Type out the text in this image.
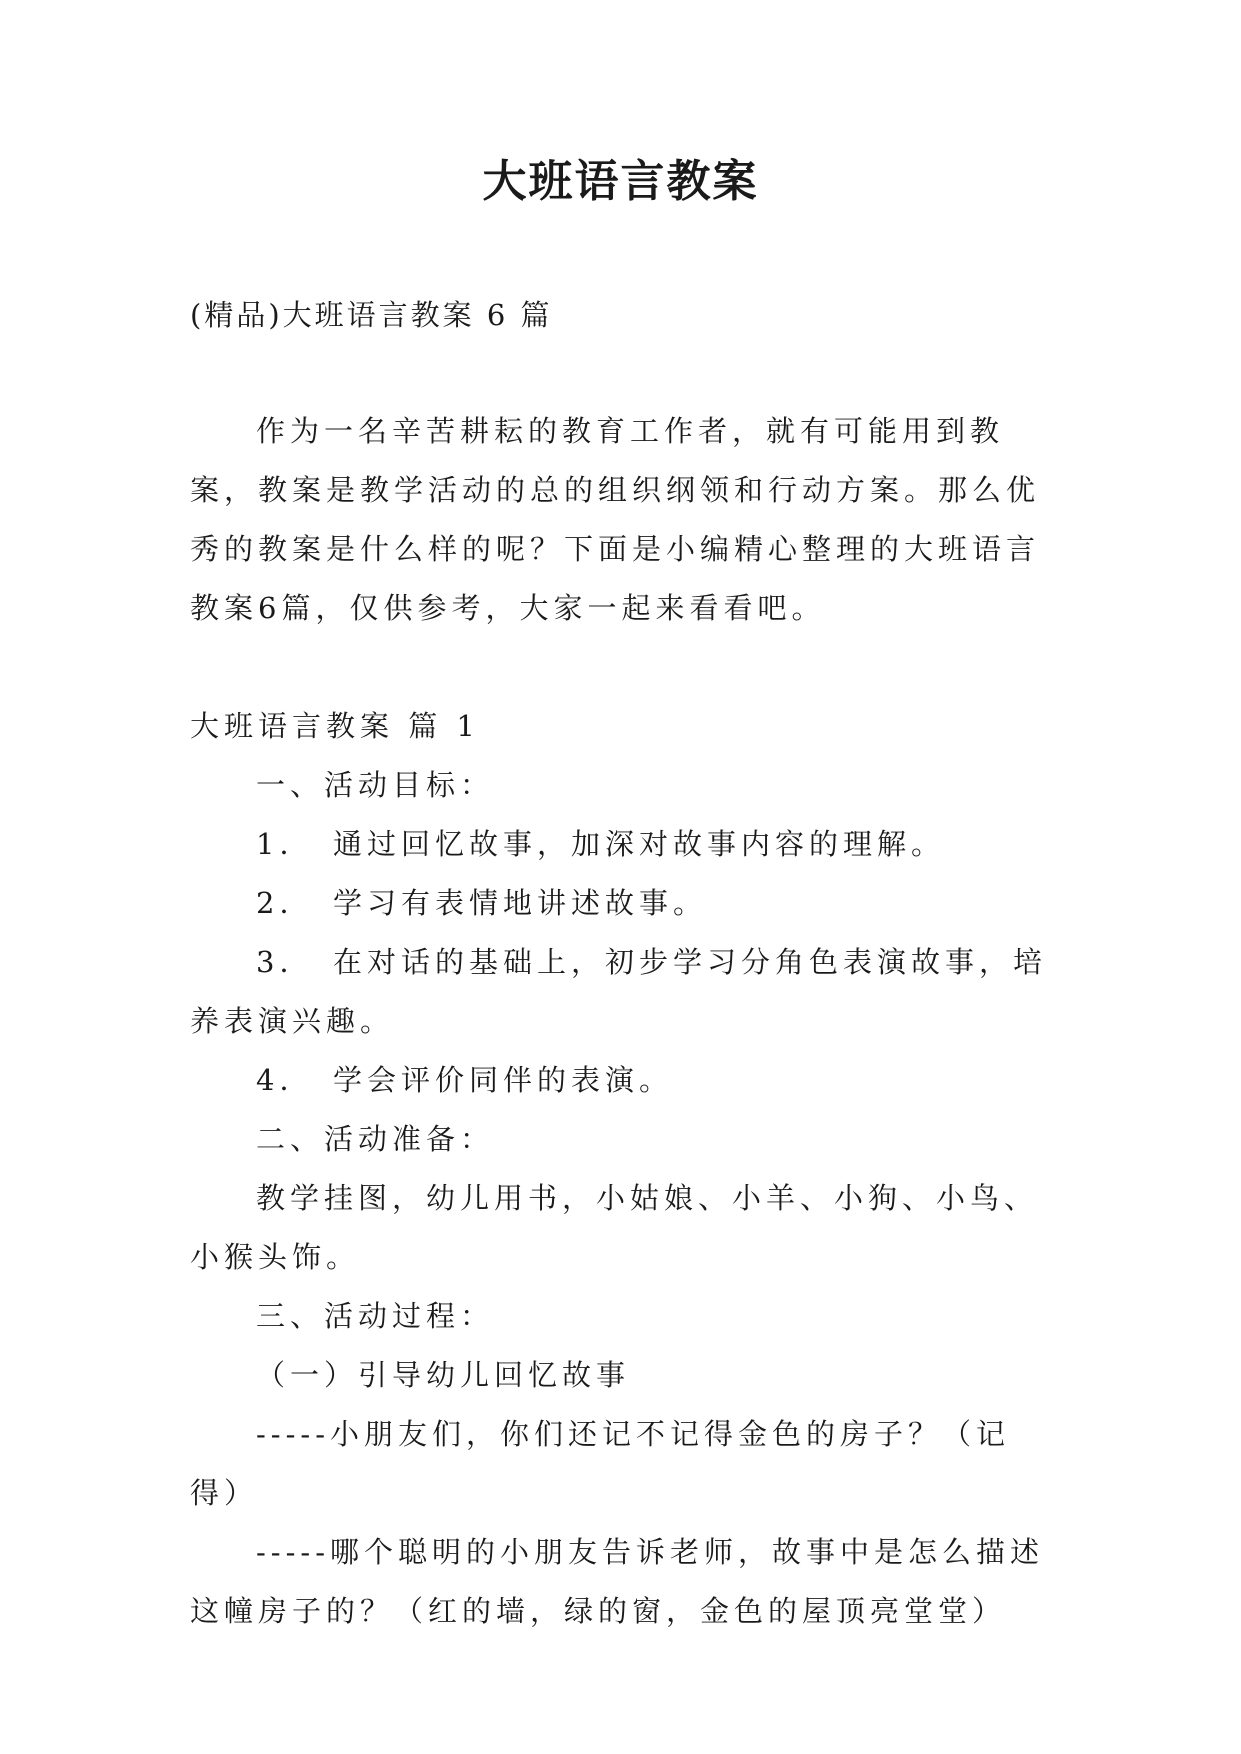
大班语言教案
(精品)大班语言教案 6 篇

作为一名辛苦耕耘的教育工作者，就有可能用到教案，教案是教学活动的总的组织纲领和行动方案。那么优秀的教案是什么样的呢？下面是小编精心整理的大班语言教案6篇，仅供参考，大家一起来看看吧。

大班语言教案 篇 1

一、活动目标：

1．　通过回忆故事，加深对故事内容的理解。

2．　学习有表情地讲述故事。

3．　在对话的基础上，初步学习分角色表演故事，培养表演兴趣。

4．　学会评价同伴的表演。

二、活动准备：

教学挂图，幼儿用书，小姑娘、小羊、小狗、小鸟、小猴头饰。

三、活动过程：

（一）引导幼儿回忆故事

-----小朋友们，你们还记不记得金色的房子？（记得）

-----哪个聪明的小朋友告诉老师，故事中是怎么描述这幢房子的？（红的墙，绿的窗，金色的屋顶亮堂堂）
